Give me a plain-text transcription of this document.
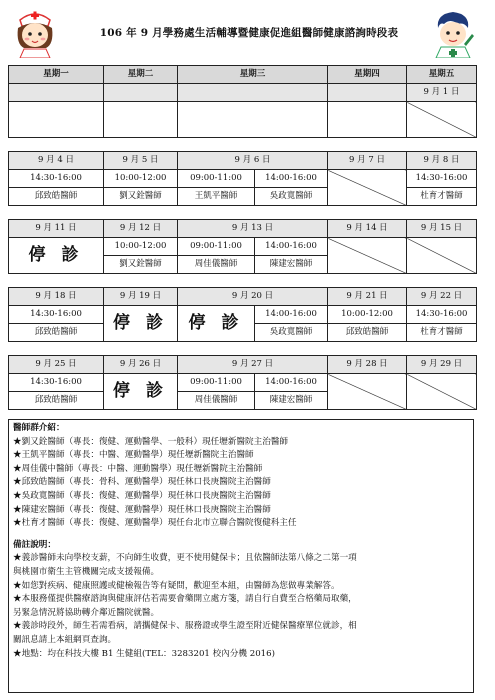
106 年 9 月學務處生活輔導暨健康促進組醫師健康諮詢時段表
星期一	星期二	星期三		星期四	星期五
					9 月 1 日

9 月 4 日	9 月 5 日	9 月 6 日		9 月 7 日	9 月 8 日
14:30-16:00	10:00-12:00	09:00-11:00	14:00-16:00		14:30-16:00
邱致皓醫師	劉又銓醫師	王凱平醫師	吳政寬醫師		杜育才醫師

9 月 11 日	9 月 12 日	9 月 13 日		9 月 14 日	9 月 15 日
停 診	10:00-12:00	09:00-11:00	14:00-16:00		
	劉又銓醫師	周佳儀醫師	陳建宏醫師		

9 月 18 日	9 月 19 日	9 月 20 日		9 月 21 日	9 月 22 日
14:30-16:00	停 診	停 診	14:00-16:00	10:00-12:00	14:30-16:00
邱致皓醫師			吳政寬醫師	邱致皓醫師	杜育才醫師

9 月 25 日	9 月 26 日	9 月 27 日		9 月 28 日	9 月 29 日
14:30-16:00	停 診	09:00-11:00	14:00-16:00		
邱致皓醫師		周佳儀醫師	陳建宏醫師		
醫師群介紹：
★劉又銓醫師（專長：復健、運動醫學、一般科）現任壢新醫院主治醫師
★王凱平醫師（專長：中醫、運動醫學）現任壢新醫院主治醫師
★周佳儀中醫師（專長：中醫、運動醫學）現任壢新醫院主治醫師
★邱致皓醫師（專長：骨科、運動醫學）現任林口長庚醫院主治醫師
★吳政寬醫師（專長：復健、運動醫學）現任林口長庚醫院主治醫師
★陳建宏醫師（專長：復健、運動醫學）現任林口長庚醫院主治醫師
★杜育才醫師（專長：復健、運動醫學）現任台北市立聯合醫院復健科主任
備註說明：
★義診醫師未向學校支薪，不向師生收費，更不使用健保卡；且依醫師法第八條之二第一項
與桃園市衛生主管機關完成支援報備。
★如您對疾病、健康照護或健檢報告等有疑問，歡迎至本組，由醫師為您做專業解答。
★本服務僅提供醫療諮詢與健康評估若需要會藥開立處方箋，請自行自費至合格藥局取藥，
另緊急情況將協助轉介鄰近醫院就醫。
★義診時段外，師生若需看病，請攜健保卡、服務證或學生證至附近健保醫療單位就診，相
關訊息請上本組網頁查詢。
★地點：均在科技大樓 B1 生健組(TEL：3283201 校內分機 2016)
